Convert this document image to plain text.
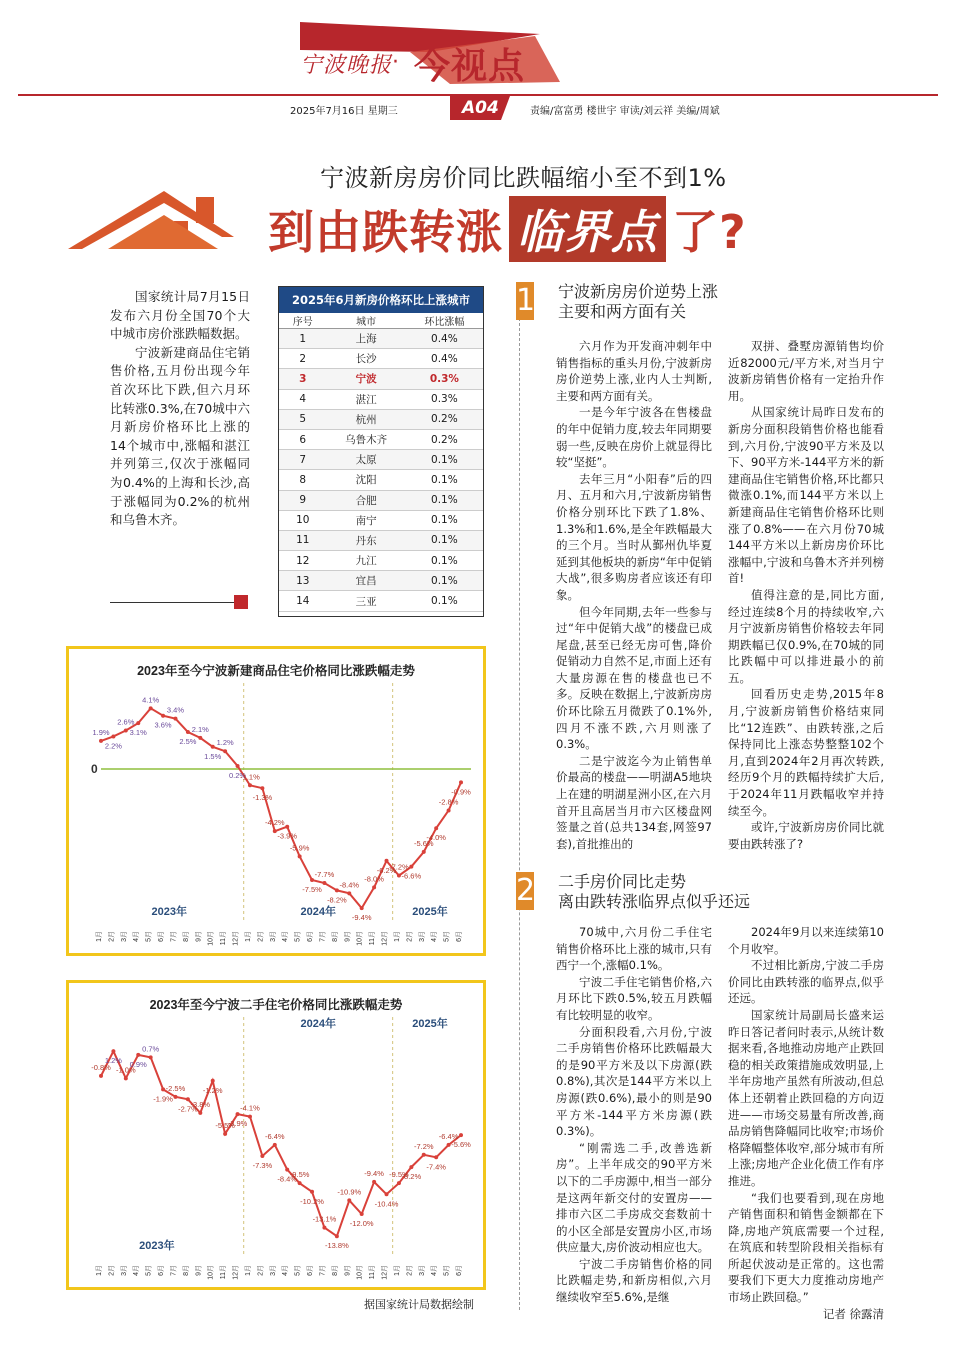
宁波晚报 · 今视点
A04
2025年7月16日 星期三	责编/富富勇 楼世宇 审读/刘云祥 美编/周斌
宁波新房房价同比跌幅缩小至不到1%
到由跌转涨 临界点 了?

国家统计局7月15日发布六月份全国70个大中城市房价涨跌幅数据。

宁波新建商品住宅销售价格,五月份出现今年首次环比下跌,但六月环比转涨0.3%,在70城中六月新房价格环比上涨的14个城市中,涨幅和湛江并列第三,仅次于涨幅同为0.4%的上海和长沙,高于涨幅同为0.2%的杭州和乌鲁木齐。

2025年6月新房价格环比上涨城市
序号	城市	环比涨幅
1	上海	0.4%
2	长沙	0.4%
3	宁波	0.3%
4	湛江	0.3%
5	杭州	0.2%
6	乌鲁木齐	0.2%
7	太原	0.1%
8	沈阳	0.1%
9	合肥	0.1%
10	南宁	0.1%
11	丹东	0.1%
12	九江	0.1%
13	宜昌	0.1%
14	三亚	0.1%
2023年至今宁波新建商品住宅价格同比涨跌幅走势
2023年	2024年	2025年
0
1.9%
2.2%
2.6%
3.1%
4.1%
3.6%
3.4%
2.5%
2.1%
1.5%
1.2%
0.2%
-1.1%
-1.3%
-4.2%
-3.9%
-5.9%
-7.5%
-7.7%
-8.2%
-8.4%
-9.4%
-8.0%
-6.2%
-7.2%
-6.6%
-5.6%
-4.0%
-2.8%
-0.9%
1月 2月 3月 4月 5月 6月 7月 8月 9月 10月 11月 12月 1月 2月 3月 4月 5月 6月 7月 8月 9月 10月 11月 12月 1月 2月 3月 4月 5月 6月
2023年至今宁波二手住宅价格同比涨跌幅走势
2023年
2024年	2025年
-0.8%
1.2%
-1.0%
0.9%
0.7%
-1.9%
-2.5%
-2.7%
-3.8%
-1.2%
-5.5%
-3.9%
-4.1%
-7.3%
-6.4%
-8.4%
-9.5%
-10.2%
-13.1%
-13.8%
-10.9%
-12.0%
-9.4%
-10.4%
-9.5%
-8.2%
-7.2%
-7.4%
-6.4%
-5.6%
1月 2月 3月 4月 5月 6月 7月 8月 9月 10月 11月 12月 1月 2月 3月 4月 5月 6月 7月 8月 9月 10月 11月 12月 1月 2月 3月 4月 5月 6月
据国家统计局数据绘制
1 宁波新房房价逆势上涨
主要和两方面有关

六月作为开发商冲刺年中销售指标的重头月份,宁波新房房价逆势上涨,业内人士判断,主要和两方面有关。

一是今年宁波各在售楼盘的年中促销力度,较去年同期要弱一些,反映在房价上就显得比较“坚挺”。

去年三月“小阳春”后的四月、五月和六月,宁波新房销售价格分别环比下跌了1.8%、1.3%和1.6%,是全年跌幅最大的三个月。当时从鄞州仇毕夏延到其他板块的新房“年中促销大战”,很多购房者应该还有印象。

但今年同期,去年一些参与过“年中促销大战”的楼盘已成尾盘,甚至已经无房可售,降价促销动力自然不足,市面上还有大量房源在售的楼盘也已不多。反映在数据上,宁波新房房价环比除五月微跌了0.1%外,四月不涨不跌,六月则涨了0.3%。

二是宁波迄今为止销售单价最高的楼盘——明湖A5地块上在建的明湖星洲小区,在六月首开且高居当月市六区楼盘网签量之首(总共134套,网签97套),首批推出的

双拼、叠墅房源销售均价近82000元/平方米,对当月宁波新房销售价格有一定抬升作用。

从国家统计局昨日发布的新房分面积段销售价格也能看到,六月份,宁波90平方米及以下、90平方米-144平方米的新建商品住宅销售价格,环比都只微涨0.1%,而144平方米以上新建商品住宅销售价格环比则涨了0.8%——在六月份70城144平方米以上新房房价环比涨幅中,宁波和乌鲁木齐并列榜首!

值得注意的是,同比方面,经过连续8个月的持续收窄,六月宁波新房销售价格较去年同期跌幅已仅0.9%,在70城的同比跌幅中可以排进最小的前五。

回看历史走势,2015年8月,宁波新房销售价格结束同比“12连跌”、由跌转涨,之后保持同比上涨态势整整102个月,直到2024年2月再次转跌,经历9个月的跌幅持续扩大后,于2024年11月跌幅收窄并持续至今。

或许,宁波新房房价同比就要由跌转涨了?

2 二手房价同比走势
离由跌转涨临界点似乎还远

70城中,六月份二手住宅销售价格环比上涨的城市,只有西宁一个,涨幅0.1%。

宁波二手住宅销售价格,六月环比下跌0.5%,较五月跌幅有比较明显的收窄。

分面积段看,六月份,宁波二手房销售价格环比跌幅最大的是90平方米及以下房源(跌0.8%),其次是144平方米以上房源(跌0.6%),最小的则是90平方米-144平方米房源(跌0.3%)。

“刚需选二手,改善选新房”。上半年成交的90平方米以下的二手房源中,相当一部分是这两年新交付的安置房——排市六区二手房成交套数前十的小区全部是安置房小区,市场供应量大,房价波动相应也大。

宁波二手房销售价格的同比跌幅走势,和新房相似,六月继续收窄至5.6%,是继

2024年9月以来连续第10个月收窄。

不过相比新房,宁波二手房价同比由跌转涨的临界点,似乎还远。

国家统计局副局长盛来运昨日答记者问时表示,从统计数据来看,各地推动房地产止跌回稳的相关政策措施成效明显,上半年房地产虽然有所波动,但总体上还朝着止跌回稳的方向迈进——市场交易量有所改善,商品房销售降幅同比收窄;市场价格降幅整体收窄,部分城市有所上涨;房地产企业化债工作有序推进。

“我们也要看到,现在房地产销售面积和销售金额都在下降,房地产筑底需要一个过程,在筑底和转型阶段相关指标有所起伏波动是正常的。这也需要我们下更大力度推动房地产市场止跌回稳。”

记者 徐露清
